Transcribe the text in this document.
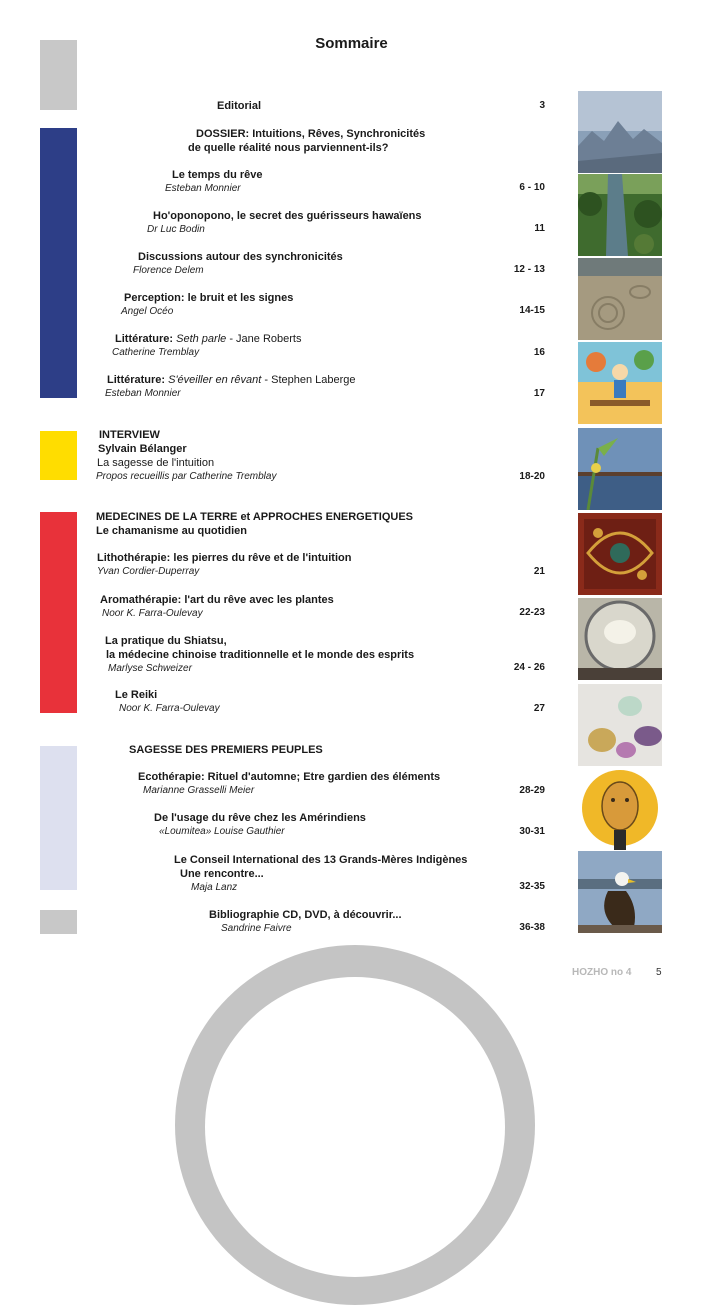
Sommaire
Editorial	3
DOSSIER: Intuitions, Rêves, Synchronicités
de quelle réalité nous parviennent-ils?
Le temps du rêve
Esteban Monnier	6 - 10
Ho'oponopono, le secret des guérisseurs hawaïens
Dr Luc Bodin	11
Discussions autour des synchronicités
Florence Delem	12 - 13
Perception: le bruit et les signes
Angel Océo	14-15
Littérature: Seth parle - Jane Roberts
Catherine Tremblay	16
Littérature: S'éveiller en rêvant - Stephen Laberge
Esteban Monnier	17
INTERVIEW
Sylvain Bélanger
La sagesse de l'intuition
Propos recueillis par Catherine Tremblay	18-20
MEDECINES DE LA TERRE et APPROCHES ENERGETIQUES
Le chamanisme au quotidien
Lithothérapie: les pierres du rêve et de l'intuition
Yvan Cordier-Duperray	21
Aromathérapie: l'art du rêve avec les plantes
Noor K. Farra-Oulevay	22-23
La pratique du Shiatsu,
la médecine chinoise traditionnelle et le monde des esprits
Marlyse Schweizer	24 - 26
Le Reiki
Noor K. Farra-Oulevay	27
SAGESSE DES PREMIERS PEUPLES
Ecothérapie: Rituel d'automne; Etre gardien des éléments
Marianne Grasselli Meier	28-29
De l'usage du rêve chez les Amérindiens
«Loumitea» Louise Gauthier	30-31
Le Conseil International des 13 Grands-Mères Indigènes
Une rencontre...
Maja Lanz	32-35
Bibliographie CD, DVD, à découvrir...
Sandrine Faivre	36-38
HOZHO no 4 5
